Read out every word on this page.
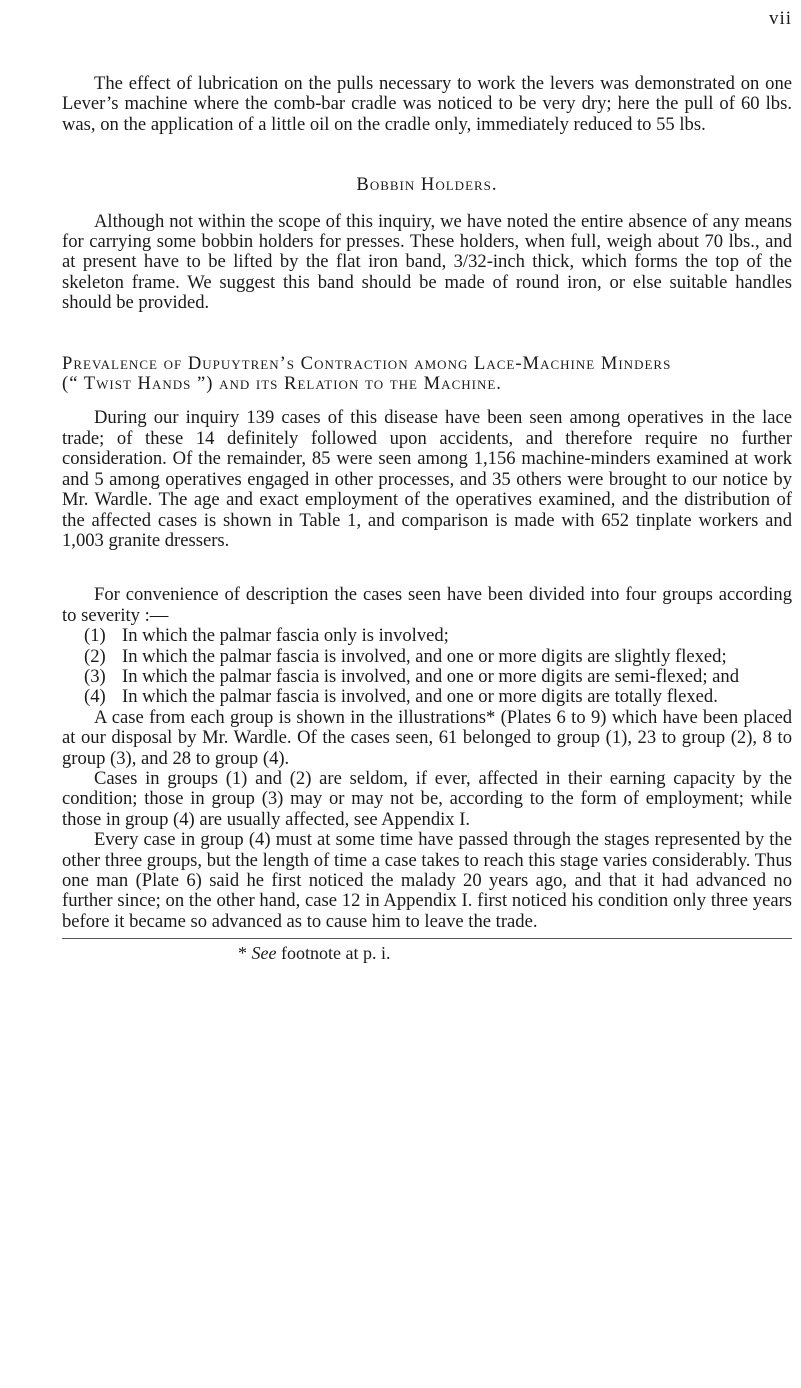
vii

The effect of lubrication on the pulls necessary to work the levers was demonstrated on one Lever’s machine where the comb-bar cradle was noticed to be very dry; here the pull of 60 lbs. was, on the application of a little oil on the cradle only, immediately reduced to 55 lbs.

Bobbin Holders.

Although not within the scope of this inquiry, we have noted the entire absence of any means for carrying some bobbin holders for presses. These holders, when full, weigh about 70 lbs., and at present have to be lifted by the flat iron band, 3/32-inch thick, which forms the top of the skeleton frame. We suggest this band should be made of round iron, or else suitable handles should be provided.

Prevalence of Dupuytren’s Contraction among Lace-Machine Minders
(“ Twist Hands ”) and its Relation to the Machine.

During our inquiry 139 cases of this disease have been seen among operatives in the lace trade; of these 14 definitely followed upon accidents, and therefore require no further consideration. Of the remainder, 85 were seen among 1,156 machine-minders examined at work and 5 among operatives engaged in other processes, and 35 others were brought to our notice by Mr. Wardle. The age and exact employment of the operatives examined, and the distribution of the affected cases is shown in Table 1, and comparison is made with 652 tinplate workers and 1,003 granite dressers.

For convenience of description the cases seen have been divided into four groups according to severity :—

(1) In which the palmar fascia only is involved;
(2) In which the palmar fascia is involved, and one or more digits are slightly flexed;
(3) In which the palmar fascia is involved, and one or more digits are semi-flexed; and
(4) In which the palmar fascia is involved, and one or more digits are totally flexed.

A case from each group is shown in the illustrations* (Plates 6 to 9) which have been placed at our disposal by Mr. Wardle. Of the cases seen, 61 belonged to group (1), 23 to group (2), 8 to group (3), and 28 to group (4).

Cases in groups (1) and (2) are seldom, if ever, affected in their earning capacity by the condition; those in group (3) may or may not be, according to the form of employment; while those in group (4) are usually affected, see Appendix I.

Every case in group (4) must at some time have passed through the stages represented by the other three groups, but the length of time a case takes to reach this stage varies considerably. Thus one man (Plate 6) said he first noticed the malady 20 years ago, and that it had advanced no further since; on the other hand, case 12 in Appendix I. first noticed his condition only three years before it became so advanced as to cause him to leave the trade.

* See footnote at p. i.
